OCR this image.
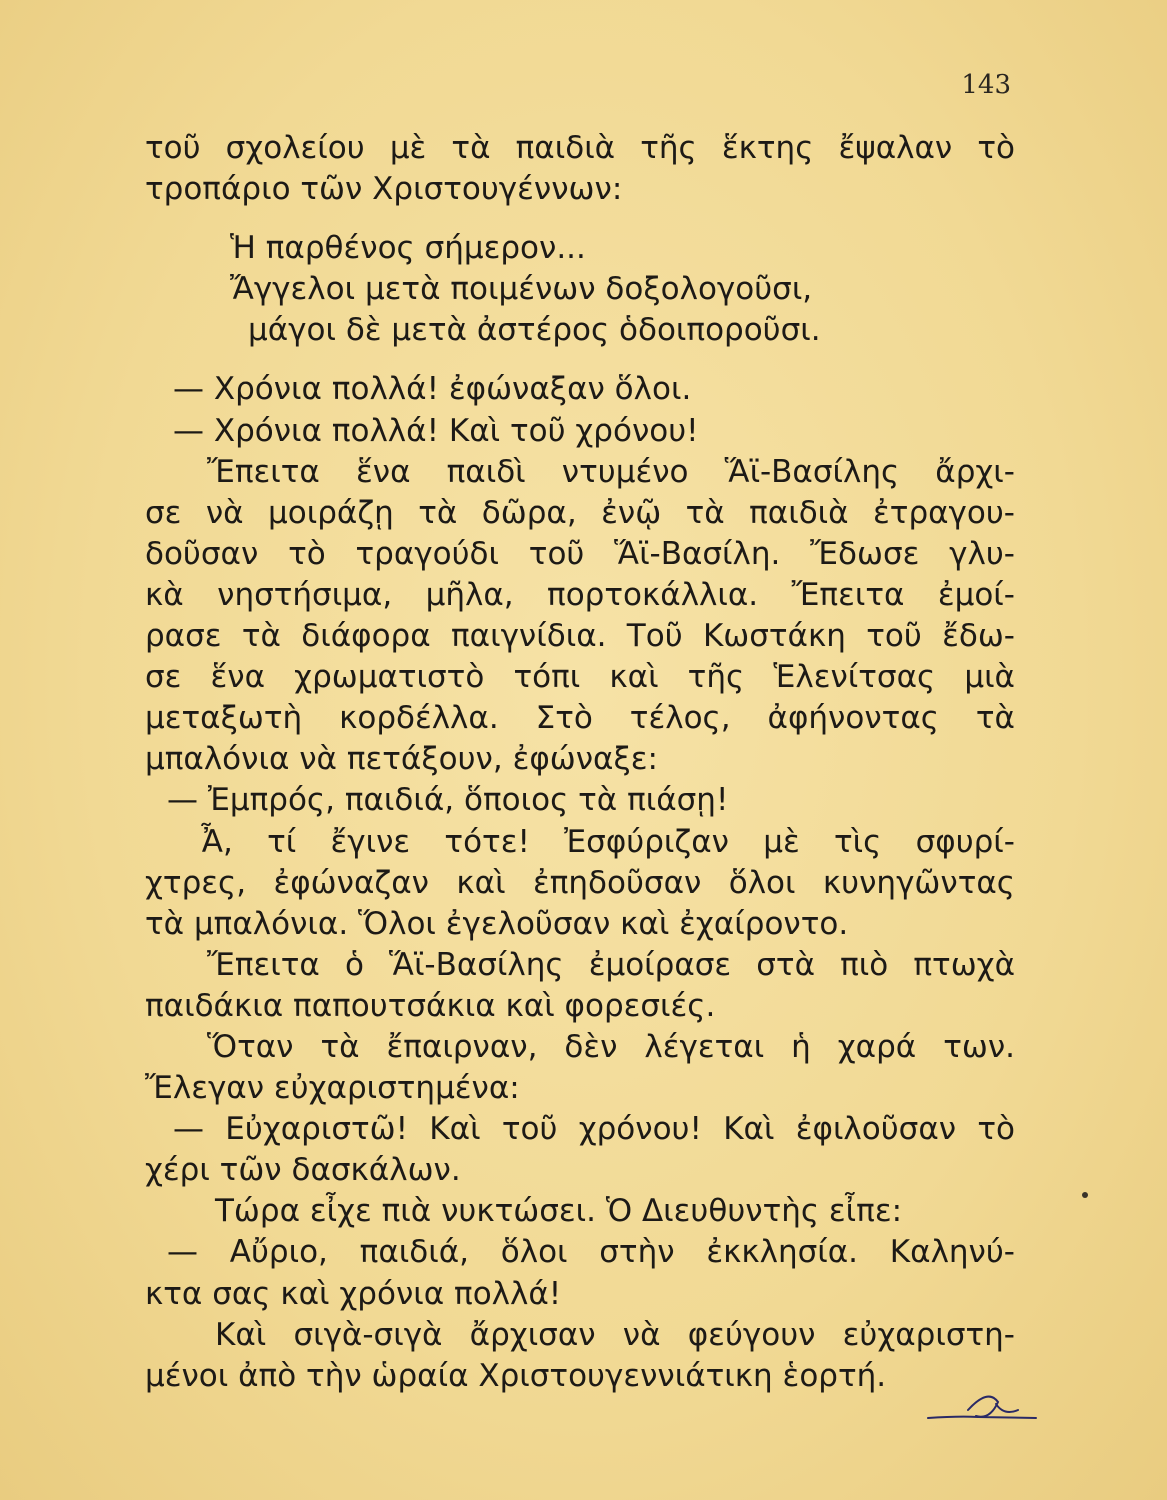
143
τοῦ σχολείου μὲ τὰ παιδιὰ τῆς ἕκτης ἔψαλαν τὸ
τροπάριο τῶν Χριστουγέννων:
Ἡ παρθένος σήμερον...
Ἄγγελοι μετὰ ποιμένων δοξολογοῦσι,
μάγοι δὲ μετὰ ἀστέρος ὁδοιποροῦσι.
— Χρόνια πολλά! ἐφώναξαν ὅλοι.
— Χρόνια πολλά! Καὶ τοῦ χρόνου!
Ἔπειτα ἕνα παιδὶ ντυμένο Ἅϊ-Βασίλης ἄρχι-
σε νὰ μοιράζῃ τὰ δῶρα, ἐνῷ τὰ παιδιὰ ἐτραγου-
δοῦσαν τὸ τραγούδι τοῦ Ἅϊ-Βασίλη. Ἔδωσε γλυ-
κὰ νηστήσιμα, μῆλα, πορτοκάλλια. Ἔπειτα ἐμοί-
ρασε τὰ διάφορα παιγνίδια. Τοῦ Κωστάκη τοῦ ἔδω-
σε ἕνα χρωματιστὸ τόπι καὶ τῆς Ἑλενίτσας μιὰ
μεταξωτὴ κορδέλλα. Στὸ τέλος, ἀφήνοντας τὰ
μπαλόνια νὰ πετάξουν, ἐφώναξε:
— Ἐμπρός, παιδιά, ὅποιος τὰ πιάσῃ!
Ἆ, τί ἔγινε τότε! Ἐσφύριζαν μὲ τὶς σφυρί-
χτρες, ἐφώναζαν καὶ ἐπηδοῦσαν ὅλοι κυνηγῶντας
τὰ μπαλόνια. Ὅλοι ἐγελοῦσαν καὶ ἐχαίροντο.
Ἔπειτα ὁ Ἅϊ-Βασίλης ἐμοίρασε στὰ πιὸ πτωχὰ
παιδάκια παπουτσάκια καὶ φορεσιές.
Ὅταν τὰ ἔπαιρναν, δὲν λέγεται ἡ χαρά των.
Ἔλεγαν εὐχαριστημένα:
— Εὐχαριστῶ! Καὶ τοῦ χρόνου! Καὶ ἐφιλοῦσαν τὸ
χέρι τῶν δασκάλων.
Τώρα εἶχε πιὰ νυκτώσει. Ὁ Διευθυντὴς εἶπε:
— Αὔριο, παιδιά, ὅλοι στὴν ἐκκλησία. Καληνύ-
κτα σας καὶ χρόνια πολλά!
Καὶ σιγὰ-σιγὰ ἄρχισαν νὰ φεύγουν εὐχαριστη-
μένοι ἀπὸ τὴν ὡραία Χριστουγεννιάτικη ἑορτή.
